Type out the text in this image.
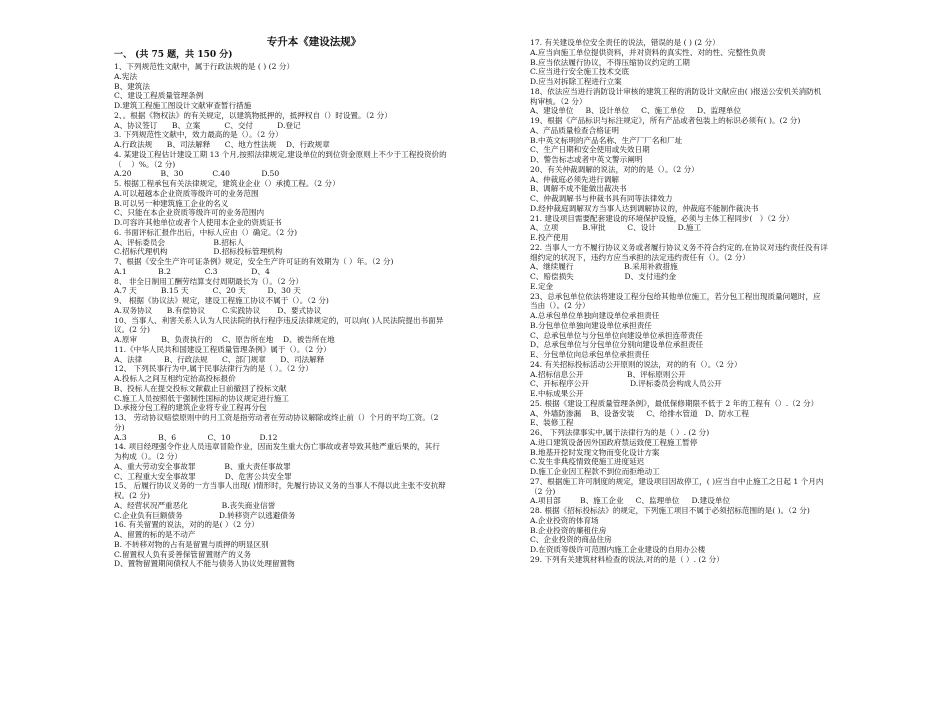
专升本《建设法规》
一、 (共 75 题，共 150 分)
1、下列规范性文献中，属于行政法规的是 ( ) (2 分）
A.宪法
B、建筑法
C、建设工程质量管理条例
D.建筑工程施工图设计文献审查暂行措施
2、。根据《物权法》的有关规定，以建筑物抵押的，抵押权自（）时设置。（2 分）
A、协议签订      B、立案          C、交付          D.登记
3. 下列规范性文献中，效力最高的是（）。（2 分）
A.行政法规      B、司法解释      C、地方性法规    D、行政规章
4. 某建设工程估计建设工期 13 个月,按照法律规定,建设单位的到位资金原则上不少于工程投资价的
（    ）%。（2 分)
A.20            B、30            C.40             D.50
5. 根据工程承包有关法律规定，建筑业企业（）承揽工程。（2 分）
A.可以超越本企业资质等级许可的业务范围
B.可以另一种建筑施工企业的名义
C、只能在本企业资质等级许可的业务范围内
D.可容许其他单位或者个人使用本企业的资质证书
6. 书面评标汇报作出后，中标人应由（）确定。（2 分)
A、评标委员会                    B.招标人
C.招标代理机构                   D.招标投标管理机构
7、根据《安全生产许可证条例》规定，安全生产许可证的有效期为（ ）年。（2 分)
A.1             B.2              C.3              D、4
8、 非全日制用工酬劳结算支付周期最长为（）。（2 分）
A.7 天          B.15 天          C、20 天         D、30 天
9、 根据《协议法》规定，建设工程施工协议不属于（）。（2 分)
A.双务协议      B.有偿协议       C.实践协议       D、要式协议
10、当事人、利害关系人认为人民法院的执行程序违反法律规定的，可以向( )人民法院提出书面异
议。(2 分)
A.原审          B、负责执行的    C、原告所在地    D、被告所在地
11.《中华人民共和国建设工程质量管理条例》属于（）。（2 分）
A、法律         B、行政法规      C、部门规章      D、司法解释
12、 下列民事行为中,属于民事法律行为的是（ ）。（2 分）
A.投标人之间互相约定抬高投标报价
B、投标人在提交投标文献截止日前撤回了投标文献
C.施工人员按照低于强制性国标的协议规定进行施工
D.承接分包工程的建筑企业将专业工程再分包
13、 劳动协议赔偿原则中的月工资是指劳动者在劳动协议解除或终止前（）个月的平均工资。（2
分)
A.3             B、6             C、10            D.12
14. 项目经理强令作业人员违章冒险作业，因而发生重大伤亡事故或者导致其他严重后果的，其行
为构成（）。（2 分）
A、重大劳动安全事故罪            B、重大责任事故罪
C、工程重大安全事故罪            D、危害公共安全罪
15、 后履行协议义务的一方当事人出现( )情形时，先履行协议义务的当事人不得以此主张不安抗辩
权。(2 分)
A、经营状况严重恶化              B.丧失商业信誉
C.企业负有巨额债务               D.转移资产以逃避债务
16. 有关留置的说法，对的的是( ）（2 分）
A、留置的标的是不动产
B. 不转移对物的占有是留置与质押的明显区别
C.留置权人负有妥善保管留置财产的义务
D、置物留置期间债权人不能与债务人协议处理留置物
17. 有关建设单位安全责任的说法，错误的是 ( ) (2 分）
A.应当向施工单位提供资料，并对资料的真实性、对的性、完整性负责
B.应当依法履行协议，不得压缩协议约定的工期
C.应当进行安全施工技术交底
D.应当对拆除工程进行立案
18、依法应当进行消防设计审核的建筑工程的消防设计文献应由( )报送公安机关消防机
构审核。（2 分）
A、建设单位     B、设计单位     C、施工单位     D、监理单位
19、根据《产品标识与标注规定》，所有产品或者包装上的标识必须有( )。(2 分)
A、产品质量检查合格证明
B.中英文标明的产品名称、生产厂厂名和厂址
C、生产日期和安全使用或失效日期
D、警告标志或者中英文警示阐明
20、有关仲裁调解的说法，对的的是（）。（2 分）
A、仲裁庭必须先进行调解
B、调解不成不能做出裁决书
C、仲裁调解书与仲裁书具有同等法律效力
D.经仲裁庭调解双方当事人达到调解协议的，仲裁庭不能制作裁决书
21. 建设项目需要配套建设的环境保护设施，必须与主体工程同步(   ）（2 分）
A、立项          B.审批         C、设计         D.施工
E.投产使用
22. 当事人一方不履行协议义务或者履行协议义务不符合约定的,在协议对违约责任没有详
细约定的状况下，违约方应当承担的法定违约责任有（）。（2 分）
A、继续履行                     B.采用补救措施
C、赔偿损失                     D、支付违约金
E.定金
23、总承包单位依法将建设工程分包给其他单位施工，若分包工程出现质量问题时，应
当由（）。(2 分）
A.总承包单位单独向建设单位承担责任
B.分包单位单独向建设单位承担责任
C、总承包单位与分包单位向建设单位承担连带责任
D、总承包单位与分包单位分别向建设单位承担责任
E、分包单位向总承包单位承担责任
24. 有关招标投标活动公开原则的说法，对的的有（）。（2 分）
A.招标信息公开                  B、评标原则公开
C、开标程序公开                 D.评标委员会构成人员公开
E.中标成果公开
25. 根据《建设工程质量管理条例》，最低保修期限不低于 2 年的工程有（）.（2 分）
A、外墙防渗漏    B、设备安装     C、给排水管道   D、防水工程
E、装修工程
26、 下列法律事实中,属于法律行为的是（ ）. (2 分)
A.进口建筑设备因外国政府禁运致使工程施工暂停
B.地基开挖时发现文物而变化设计方案
C.发生非典疫情致使施工进度延迟
D.施工企业因工程款不到位而拒绝动工
27、根据施工许可制度的规定，建设项目因故停工，( )应当自中止施工之日起 1 个月内
（2 分)
A.项目部        B、施工企业     C、监理单位     D.建设单位
28. 根据《招标投标法》的规定，下列施工项目不属于必须招标范围的是( )。（2 分)
A.企业投资的体育场
B.企业投资的廉租住房
C、企业投资的商品住房
D.在资质等级许可范围内施工企业建设的自用办公楼
29. 下列有关建筑材料检查的说法,对的的是（ ）. (2 分）
